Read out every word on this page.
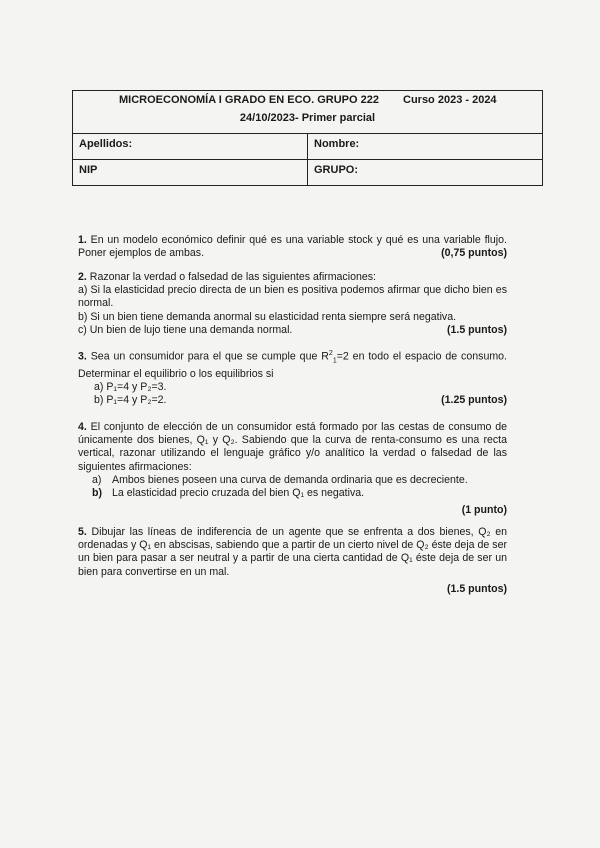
MICROECONOMÍA I GRADO EN ECO. GRUPO 222 Curso 2023 - 2024
24/10/2023- Primer parcial
Apellidos:	Nombre:
NIP	GRUPO:

1. En un modelo económico definir qué es una variable stock y qué es una variable flujo. Poner ejemplos de ambas.	(0,75 puntos)

2. Razonar la verdad o falsedad de las siguientes afirmaciones:

a) Si la elasticidad precio directa de un bien es positiva podemos afirmar que dicho bien es normal.

b) Si un bien tiene demanda anormal su elasticidad renta siempre será negativa.

c) Un bien de lujo tiene una demanda normal.	(1.5 puntos)

3. Sea un consumidor para el que se cumple que $R^2_1=2$ en todo el espacio de consumo. Determinar el equilibrio o los equilibrios si

a) P₁=4 y P₂=3.

b) P₁=4 y P₂=2.	(1.25 puntos)

4. El conjunto de elección de un consumidor está formado por las cestas de consumo de únicamente dos bienes, Q₁ y Q₂. Sabiendo que la curva de renta-consumo es una recta vertical, razonar utilizando el lenguaje gráfico y/o analítico la verdad o falsedad de las siguientes afirmaciones:

a) Ambos bienes poseen una curva de demanda ordinaria que es decreciente.
b) La elasticidad precio cruzada del bien Q₁ es negativa.
(1 punto)

5. Dibujar las líneas de indiferencia de un agente que se enfrenta a dos bienes, Q₂ en ordenadas y Q₁ en abscisas, sabiendo que a partir de un cierto nivel de Q₂ éste deja de ser un bien para pasar a ser neutral y a partir de una cierta cantidad de Q₁ éste deja de ser un bien para convertirse en un mal.

(1.5 puntos)
